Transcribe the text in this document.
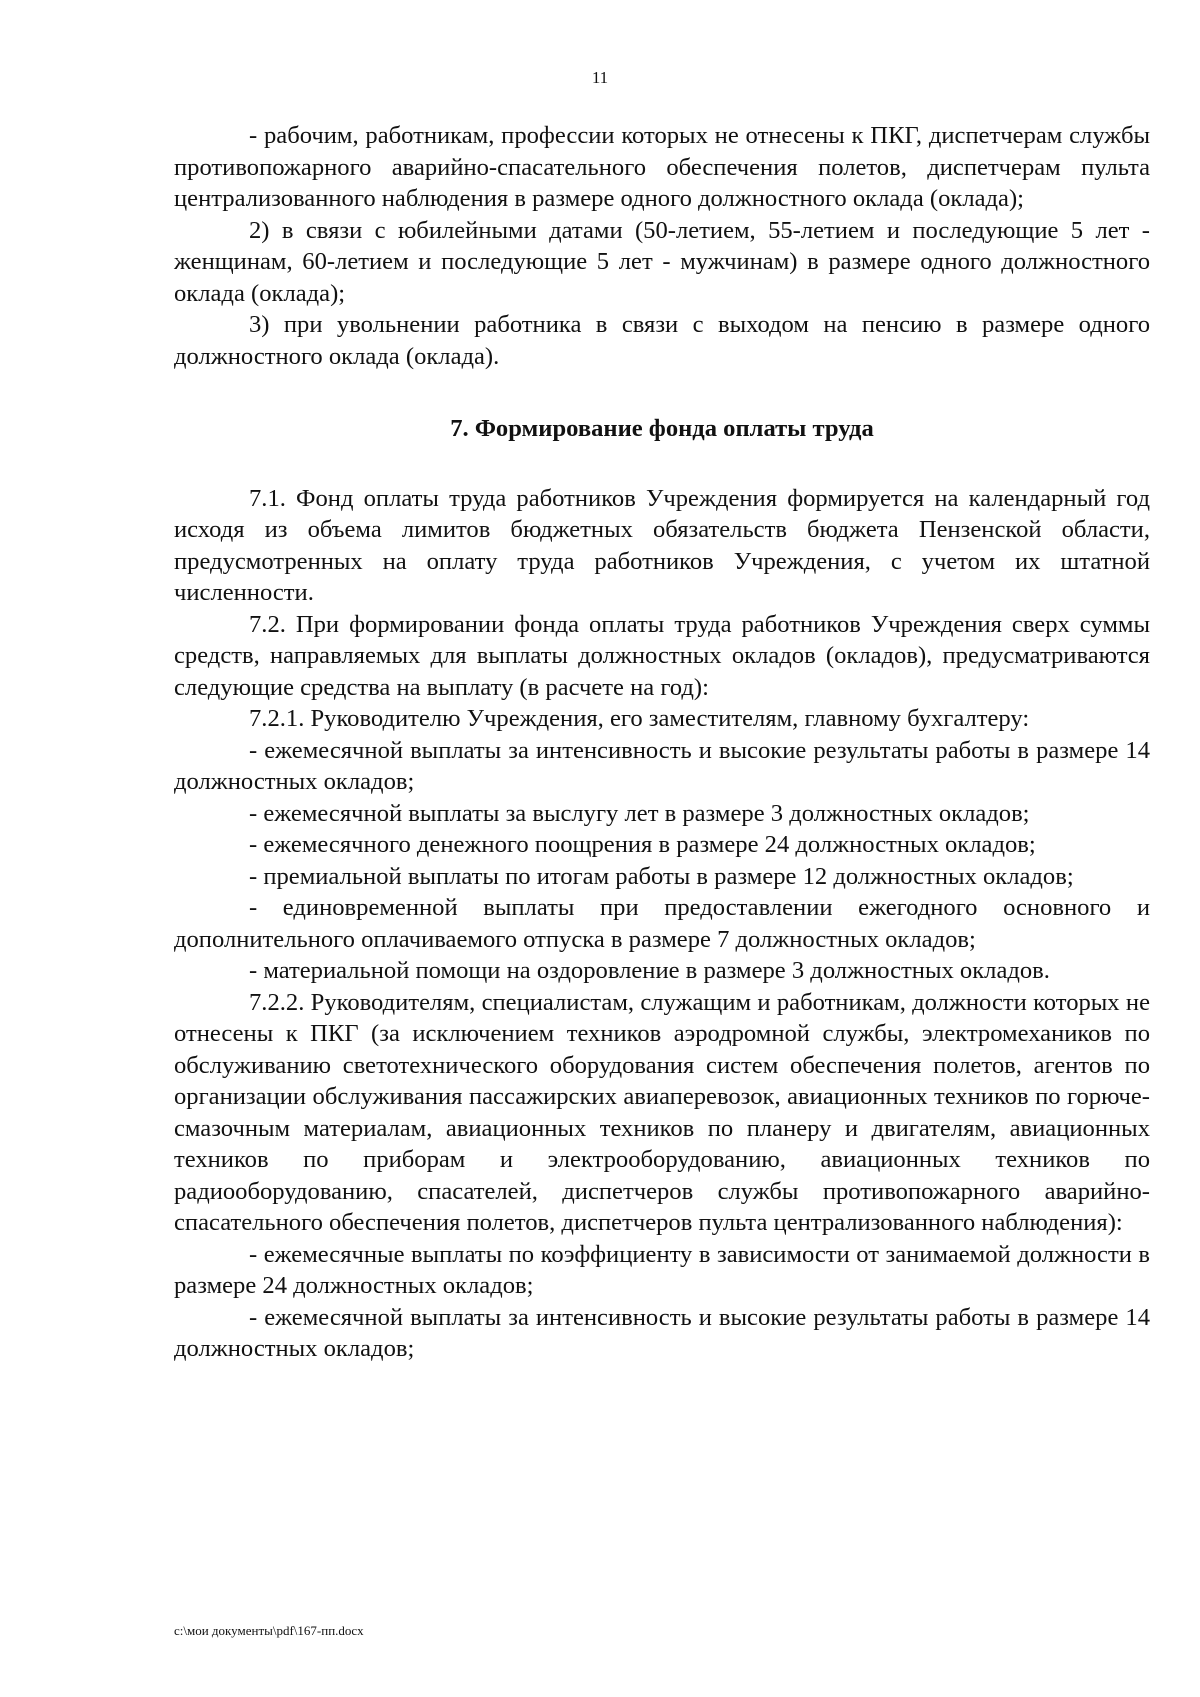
11

- рабочим, работникам, профессии которых не отнесены к ПКГ, диспетчерам службы противопожарного аварийно-спасательного обеспечения полетов, диспетчерам пульта централизованного наблюдения в размере одного должностного оклада (оклада);

2) в связи с юбилейными датами (50-летием, 55-летием и последующие 5 лет - женщинам, 60-летием и последующие 5 лет - мужчинам) в размере одного должностного оклада (оклада);

3) при увольнении работника в связи с выходом на пенсию в размере одного должностного оклада (оклада).

7. Формирование фонда оплаты труда

7.1. Фонд оплаты труда работников Учреждения формируется на календарный год исходя из объема лимитов бюджетных обязательств бюджета Пензенской области, предусмотренных на оплату труда работников Учреждения, с учетом их штатной численности.

7.2. При формировании фонда оплаты труда работников Учреждения сверх суммы средств, направляемых для выплаты должностных окладов (окладов), предусматриваются следующие средства на выплату (в расчете на год):

7.2.1. Руководителю Учреждения, его заместителям, главному бухгалтеру:

- ежемесячной выплаты за интенсивность и высокие результаты работы в размере 14 должностных окладов;

- ежемесячной выплаты за выслугу лет в размере 3 должностных окладов;

- ежемесячного денежного поощрения в размере 24 должностных окладов;

- премиальной выплаты по итогам работы в размере 12 должностных окладов;

- единовременной выплаты при предоставлении ежегодного основного и дополнительного оплачиваемого отпуска в размере 7 должностных окладов;

- материальной помощи на оздоровление в размере 3 должностных окладов.

7.2.2. Руководителям, специалистам, служащим и работникам, должности которых не отнесены к ПКГ (за исключением техников аэродромной службы, электромехаников по обслуживанию светотехнического оборудования систем обеспечения полетов, агентов по организации обслуживания пассажирских авиаперевозок, авиационных техников по горюче-смазочным материалам, авиационных техников по планеру и двигателям, авиационных техников по приборам и электрооборудованию, авиационных техников по радиооборудованию, спасателей, диспетчеров службы противопожарного аварийно-спасательного обеспечения полетов, диспетчеров пульта централизованного наблюдения):

- ежемесячные выплаты по коэффициенту в зависимости от занимаемой должности в размере 24 должностных окладов;

- ежемесячной выплаты за интенсивность и высокие результаты работы в размере 14 должностных окладов;

c:\мои документы\pdf\167-пп.docx
